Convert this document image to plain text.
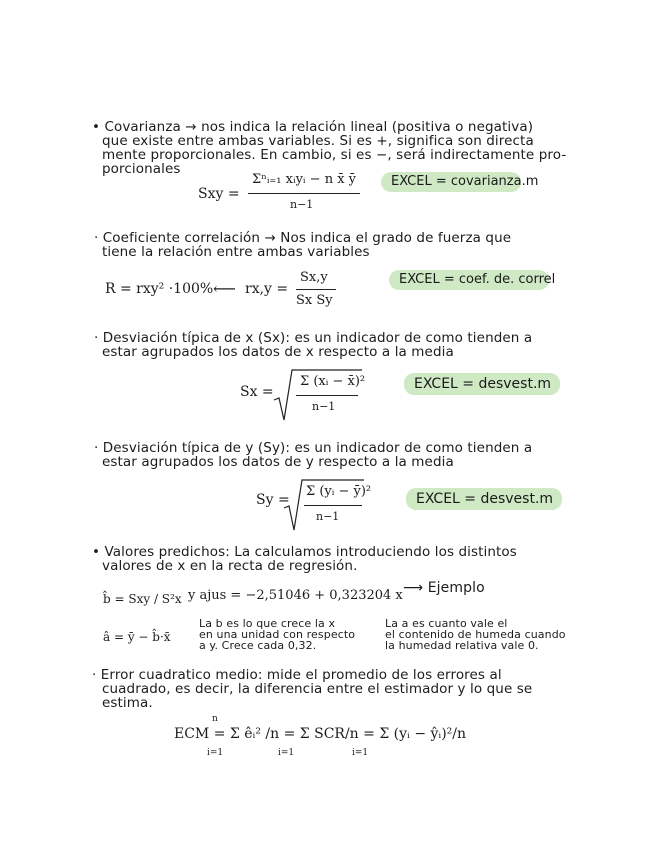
• Covarianza → nos indica la relación lineal (positiva o negativa)
que existe entre ambas variables. Si es +, significa son directa
mente proporcionales. En cambio, si es −, será indirectamente pro-
porcionales
Sxy =
Σⁿᵢ₌₁ xᵢyᵢ − n x̄ ȳ
n−1
EXCEL = covarianza.m
· Coeficiente correlación → Nos indica el grado de fuerza que
tiene la relación entre ambas variables
R = rxy² ·100% ⟵ rx,y =
Sx,y
Sx Sy
EXCEL = coef. de. correl
· Desviación típica de x (Sx): es un indicador de como tienden a
estar agrupados los datos de x respecto a la media
Sx =
Σ (xᵢ − x̄)²
n−1
EXCEL = desvest.m
· Desviación típica de y (Sy): es un indicador de como tienden a
estar agrupados los datos de y respecto a la media
Sy =
Σ (yᵢ − ȳ)²
n−1
EXCEL = desvest.m
• Valores predichos: La calculamos introduciendo los distintos
valores de x en la recta de regresión.
b̂ = Sxy / S²x
â = ȳ − b̂·x̄
y ajus = −2,51046 + 0,323204 x ⟶ Ejemplo
La b es lo que crece la x
en una unidad con respecto
a y. Crece cada 0,32.
La a es cuanto vale el
el contenido de humeda cuando
la humedad relativa vale 0.
· Error cuadratico medio: mide el promedio de los errores al
cuadrado, es decir, la diferencia entre el estimador y lo que se
estima.
n
ECM = Σ êᵢ² /n = Σ SCR/n = Σ (yᵢ − ŷᵢ)²/n
i=1	i=1	i=1
